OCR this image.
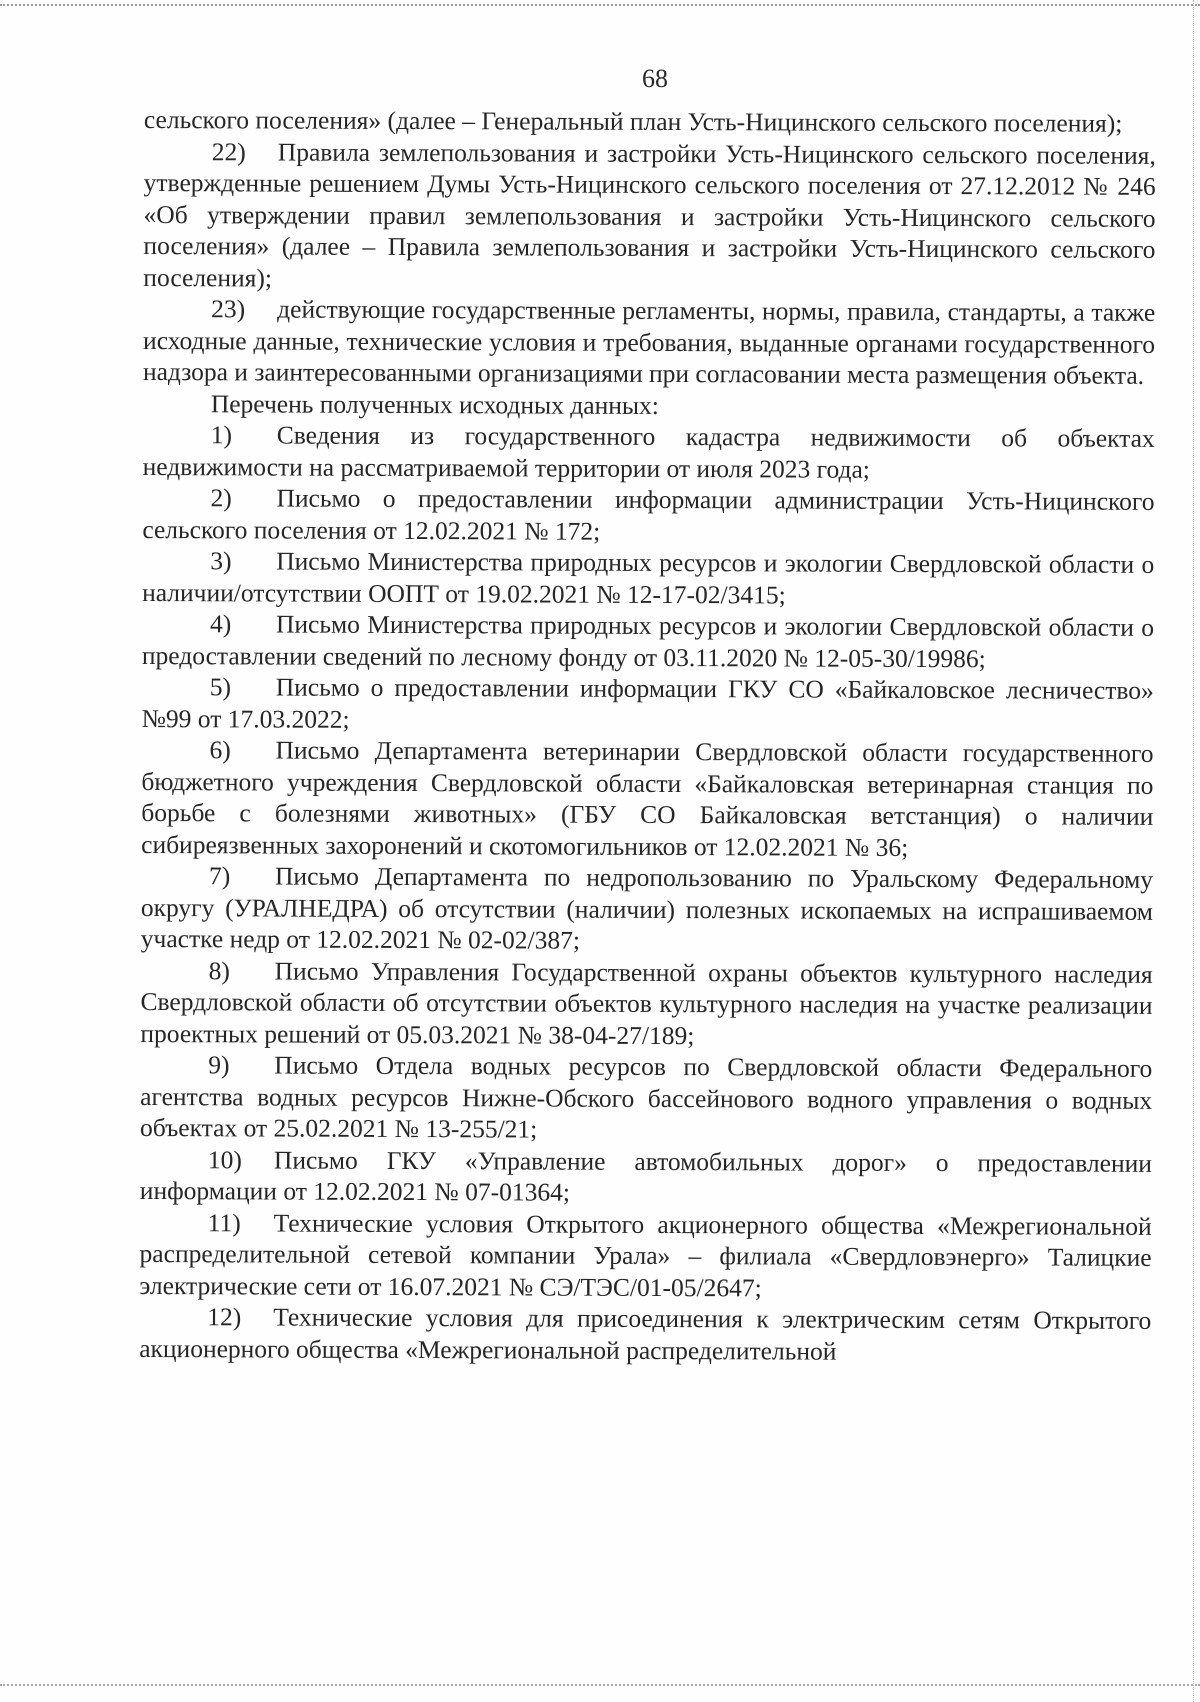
68

сельского поселения» (далее – Генеральный план Усть-Ницинского сельского поселения);

22) Правила землепользования и застройки Усть-Ницинского сельского поселения, утвержденные решением Думы Усть-Ницинского сельского поселения от 27.12.2012 № 246 «Об утверждении правил землепользования и застройки Усть-Ницинского сельского поселения» (далее – Правила землепользования и застройки Усть-Ницинского сельского поселения);

23) действующие государственные регламенты, нормы, правила, стандарты, а также исходные данные, технические условия и требования, выданные органами государственного надзора и заинтересованными организациями при согласовании места размещения объекта.

Перечень полученных исходных данных:

1) Сведения из государственного кадастра недвижимости об объектах недвижимости на рассматриваемой территории от июля 2023 года;

2) Письмо о предоставлении информации администрации Усть-Ницинского сельского поселения от 12.02.2021 № 172;

3) Письмо Министерства природных ресурсов и экологии Свердловской области о наличии/отсутствии ООПТ от 19.02.2021 № 12-17-02/3415;

4) Письмо Министерства природных ресурсов и экологии Свердловской области о предоставлении сведений по лесному фонду от 03.11.2020 № 12-05-30/19986;

5) Письмо о предоставлении информации ГКУ СО «Байкаловское лесничество» №99 от 17.03.2022;

6) Письмо Департамента ветеринарии Свердловской области государственного бюджетного учреждения Свердловской области «Байкаловская ветеринарная станция по борьбе с болезнями животных» (ГБУ СО Байкаловская ветстанция) о наличии сибиреязвенных захоронений и скотомогильников от 12.02.2021 № 36;

7) Письмо Департамента по недропользованию по Уральскому Федеральному округу (УРАЛНЕДРА) об отсутствии (наличии) полезных ископаемых на испрашиваемом участке недр от 12.02.2021 № 02-02/387;

8) Письмо Управления Государственной охраны объектов культурного наследия Свердловской области об отсутствии объектов культурного наследия на участке реализации проектных решений от 05.03.2021 № 38-04-27/189;

9) Письмо Отдела водных ресурсов по Свердловской области Федерального агентства водных ресурсов Нижне-Обского бассейнового водного управления о водных объектах от 25.02.2021 № 13-255/21;

10) Письмо ГКУ «Управление автомобильных дорог» о предоставлении информации от 12.02.2021 № 07-01364;

11) Технические условия Открытого акционерного общества «Межрегиональной распределительной сетевой компании Урала» – филиала «Свердловэнерго» Талицкие электрические сети от 16.07.2021 № СЭ/ТЭС/01-05/2647;

12) Технические условия для присоединения к электрическим сетям Открытого акционерного общества «Межрегиональной распределительной
